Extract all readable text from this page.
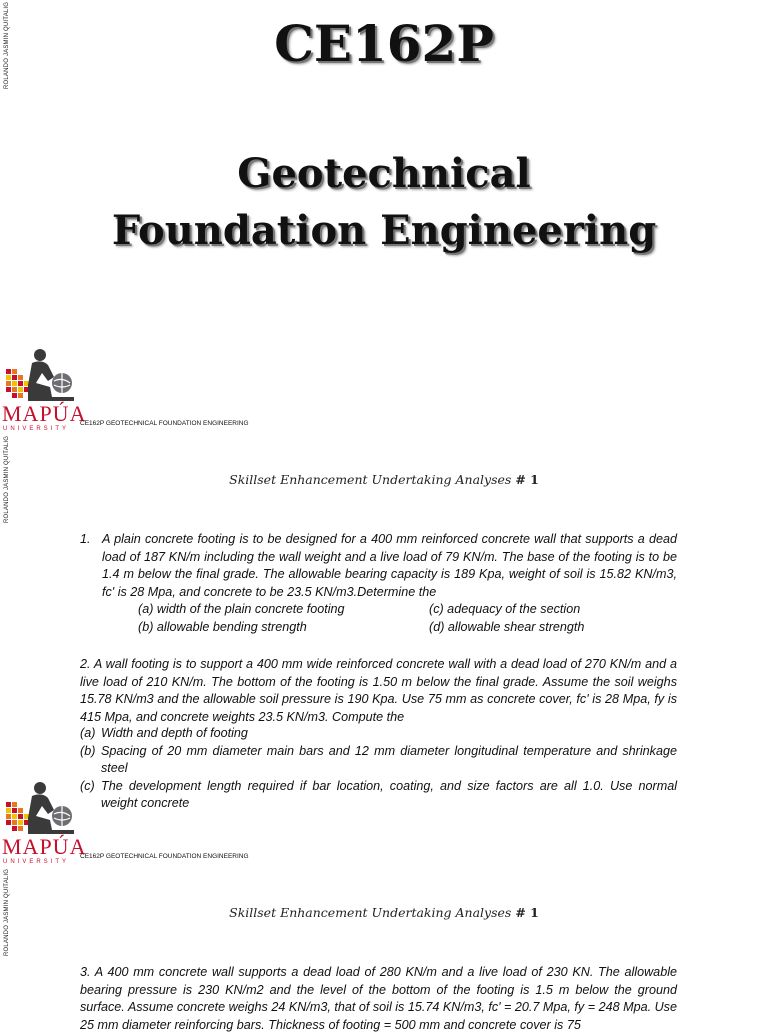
ROLANDO JASMIN QUITALIG
ROLANDO JASMIN QUITALIG
ROLANDO JASMIN QUITALIG
CE162P
Geotechnical
Foundation Engineering
MAPÚA
UNIVERSITY
CE162P GEOTECHNICAL FOUNDATION ENGINEERING
Skillset Enhancement Undertaking Analyses # 1
1. A plain concrete footing is to be designed for a 400 mm reinforced concrete wall that supports a dead load of 187 KN/m including the wall weight and a live load of 79 KN/m. The base of the footing is to be 1.4 m below the final grade. The allowable bearing capacity is 189 Kpa, weight of soil is 15.82 KN/m3, fc' is 28 Mpa, and concrete to be 23.5 KN/m3.Determine the

(a) width of the plain concrete footing	(c) adequacy of the section
(b) allowable bending strength	(d) allowable shear strength

2. A wall footing is to support a 400 mm wide reinforced concrete wall with a dead load of 270 KN/m and a live load of 210 KN/m. The bottom of the footing is 1.50 m below the final grade. Assume the soil weighs 15.78 KN/m3 and the allowable soil pressure is 190 Kpa. Use 75 mm as concrete cover, fc' is 28 Mpa, fy is 415 Mpa, and concrete weights 23.5 KN/m3. Compute the

(a) Width and depth of footing

(b) Spacing of 20 mm diameter main bars and 12 mm diameter longitudinal temperature and shrinkage steel

(c) The development length required if bar location, coating, and size factors are all 1.0. Use normal weight concrete

MAPÚA
UNIVERSITY
CE162P GEOTECHNICAL FOUNDATION ENGINEERING
Skillset Enhancement Undertaking Analyses # 1

3. A 400 mm concrete wall supports a dead load of 280 KN/m and a live load of 230 KN. The allowable bearing pressure is 230 KN/m2 and the level of the bottom of the footing is 1.5 m below the ground surface. Assume concrete weighs 24 KN/m3, that of soil is 15.74 KN/m3, fc' = 20.7 Mpa, fy = 248 Mpa. Use 25 mm diameter reinforcing bars. Thickness of footing = 500 mm and concrete cover is 75
